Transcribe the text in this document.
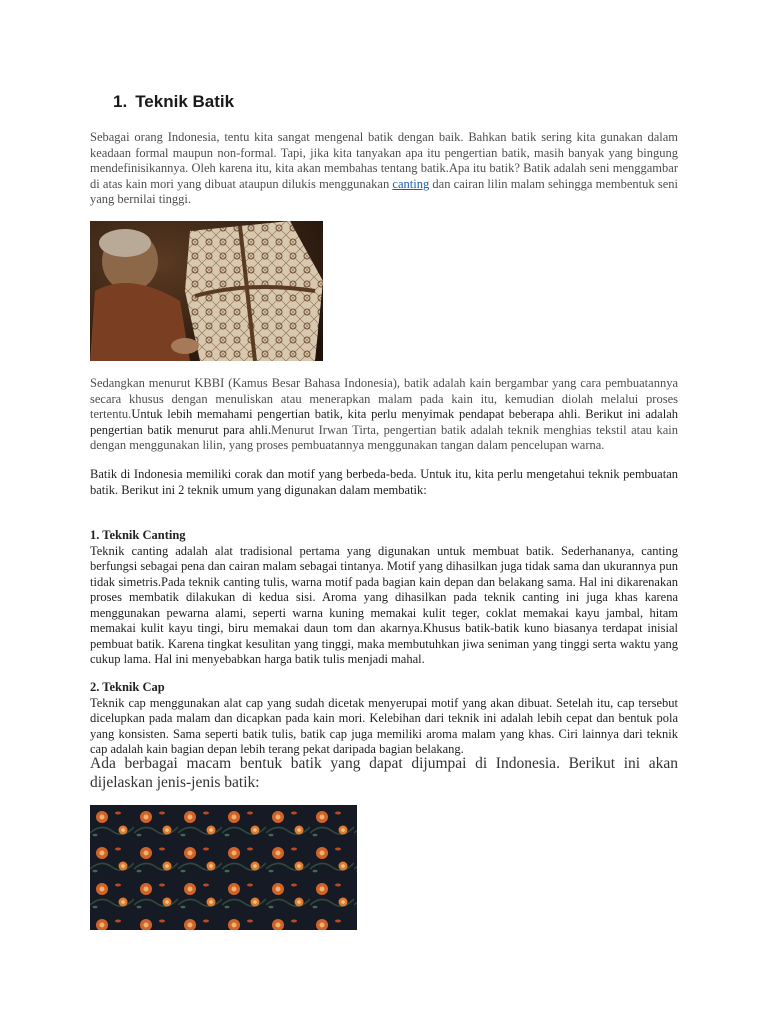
1. Teknik Batik

Sebagai orang Indonesia, tentu kita sangat mengenal batik dengan baik. Bahkan batik sering kita gunakan dalam keadaan formal maupun non-formal. Tapi, jika kita tanyakan apa itu pengertian batik, masih banyak yang bingung mendefinisikannya. Oleh karena itu, kita akan membahas tentang batik.Apa itu batik? Batik adalah seni menggambar di atas kain mori yang dibuat ataupun dilukis menggunakan canting dan cairan lilin malam sehingga membentuk seni yang bernilai tinggi.

Sedangkan menurut KBBI (Kamus Besar Bahasa Indonesia), batik adalah kain bergambar yang cara pembuatannya secara khusus dengan menuliskan atau menerapkan malam pada kain itu, kemudian diolah melalui proses tertentu.Untuk lebih memahami pengertian batik, kita perlu menyimak pendapat beberapa ahli. Berikut ini adalah pengertian batik menurut para ahli.Menurut Irwan Tirta, pengertian batik adalah teknik menghias tekstil atau kain dengan menggunakan lilin, yang proses pembuatannya menggunakan tangan dalam pencelupan warna.

Batik di Indonesia memiliki corak dan motif yang berbeda-beda. Untuk itu, kita perlu mengetahui teknik pembuatan batik. Berikut ini 2 teknik umum yang digunakan dalam membatik:

1. Teknik Canting
Teknik canting adalah alat tradisional pertama yang digunakan untuk membuat batik. Sederhananya, canting berfungsi sebagai pena dan cairan malam sebagai tintanya. Motif yang dihasilkan juga tidak sama dan ukurannya pun tidak simetris.Pada teknik canting tulis, warna motif pada bagian kain depan dan belakang sama. Hal ini dikarenakan proses membatik dilakukan di kedua sisi. Aroma yang dihasilkan pada teknik canting ini juga khas karena menggunakan pewarna alami, seperti warna kuning memakai kulit teger, coklat memakai kayu jambal, hitam memakai kulit kayu tingi, biru memakai daun tom dan akarnya.Khusus batik-batik kuno biasanya terdapat inisial pembuat batik. Karena tingkat kesulitan yang tinggi, maka membutuhkan jiwa seniman yang tinggi serta waktu yang cukup lama. Hal ini menyebabkan harga batik tulis menjadi mahal.
2. Teknik Cap
Teknik cap menggunakan alat cap yang sudah dicetak menyerupai motif yang akan dibuat. Setelah itu, cap tersebut dicelupkan pada malam dan dicapkan pada kain mori. Kelebihan dari teknik ini adalah lebih cepat dan bentuk pola yang konsisten. Sama seperti batik tulis, batik cap juga memiliki aroma malam yang khas. Ciri lainnya dari teknik cap adalah kain bagian depan lebih terang pekat daripada bagian belakang.

Ada berbagai macam bentuk batik yang dapat dijumpai di Indonesia. Berikut ini akan dijelaskan jenis-jenis batik:
